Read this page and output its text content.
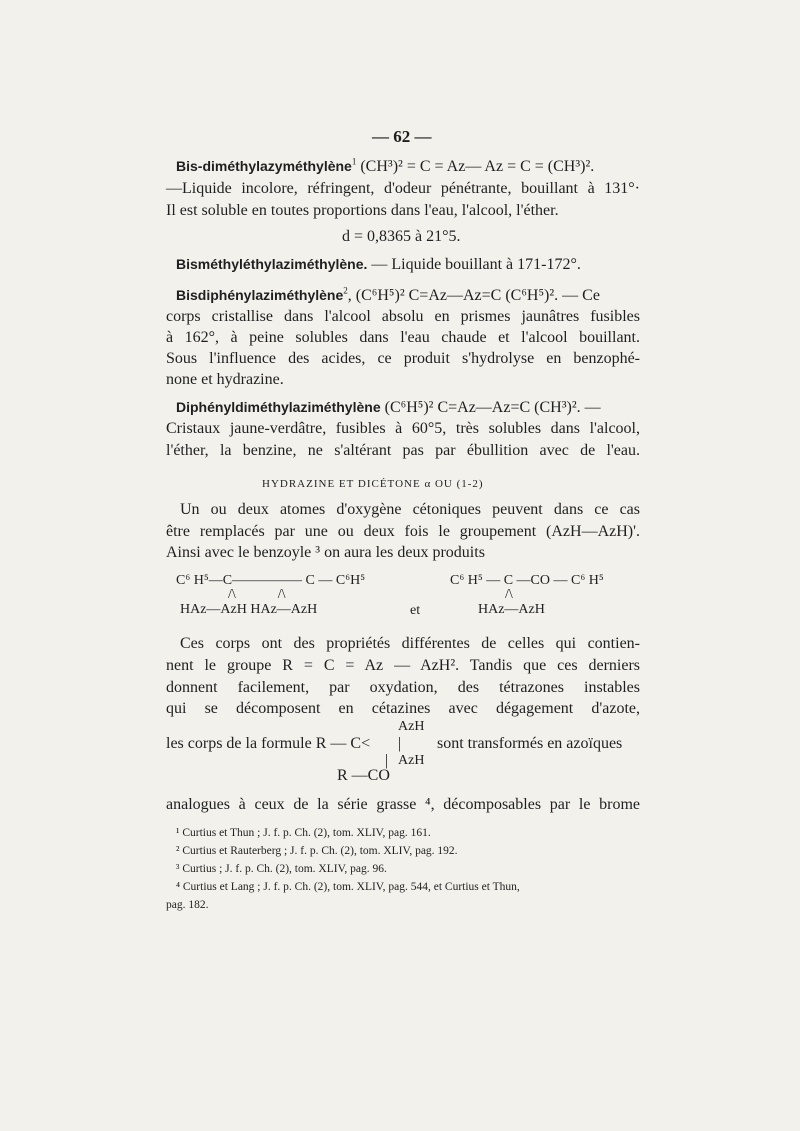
— 62 —
Bis-diméthylazyméthylène$^1$ (CH³)² = C = Az— Az = C = (CH³)².
—Liquide incolore, réfringent, d'odeur pénétrante, bouillant à 131°·
Il est soluble en toutes proportions dans l'eau, l'alcool, l'éther.
d = 0,8365 à 21°5.
Bisméthyléthylaziméthylène. — Liquide bouillant à 171-172°.
Bisdiphénylaziméthylène$^2$, (C⁶H⁵)² C=Az—Az=C (C⁶H⁵)². — Ce
corps cristallise dans l'alcool absolu en prismes jaunâtres fusibles
à 162°, à peine solubles dans l'eau chaude et l'alcool bouillant.
Sous l'influence des acides, ce produit s'hydrolyse en benzophé-
none et hydrazine.
Diphényldiméthylaziméthylène (C⁶H⁵)² C=Az—Az=C (CH³)². —
Cristaux jaune-verdâtre, fusibles à 60°5, très solubles dans l'alcool,
l'éther, la benzine, ne s'altérant pas par ébullition avec de l'eau.
HYDRAZINE ET DICÉTONE α OU (1-2)
Un ou deux atomes d'oxygène cétoniques peuvent dans ce cas
être remplacés par une ou deux fois le groupement (AzH—AzH)'.
Ainsi avec le benzoyle ³ on aura les deux produits
C⁶ H⁵—C————— C — C⁶H⁵
/\            /\
HAz—AzH HAz—AzH	et
C⁶ H⁵ — C —CO — C⁶ H⁵
/\
HAz—AzH
Ces corps ont des propriétés différentes de celles qui contien-
nent le groupe R = C = Az — AzH². Tandis que ces derniers
donnent facilement, par oxydation, des tétrazones instables
qui se décomposent en cétazines avec dégagement d'azote,
AzH
les corps de la formule R — C< | sont transformés en azoïques
| AzH
R —CO
analogues à ceux de la série grasse ⁴, décomposables par le brome
¹ Curtius et Thun ; J. f. p. Ch. (2), tom. XLIV, pag. 161.
² Curtius et Rauterberg ; J. f. p. Ch. (2), tom. XLIV, pag. 192.
³ Curtius ; J. f. p. Ch. (2), tom. XLIV, pag. 96.
⁴ Curtius et Lang ; J. f. p. Ch. (2), tom. XLIV, pag. 544, et Curtius et Thun,
pag. 182.
